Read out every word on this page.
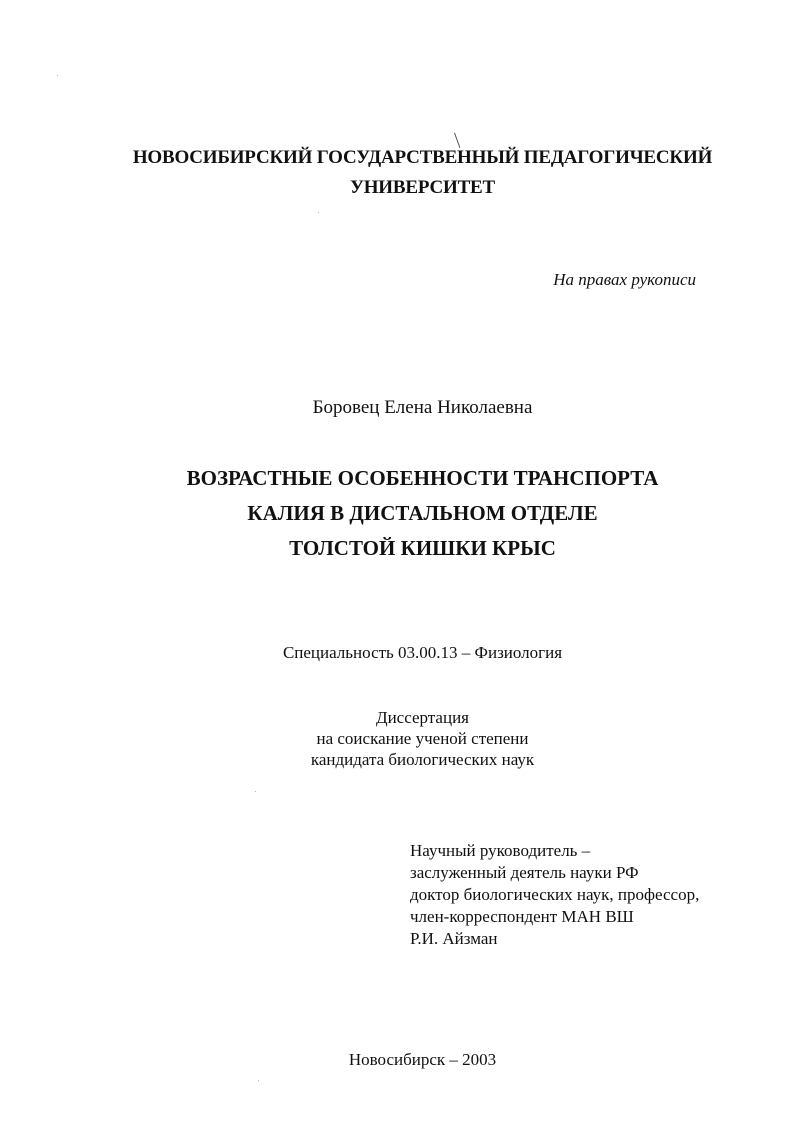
НОВОСИБИРСКИЙ ГОСУДАРСТВЕННЫЙ ПЕДАГОГИЧЕСКИЙ
УНИВЕРСИТЕТ
На правах рукописи
Боровец Елена Николаевна
ВОЗРАСТНЫЕ ОСОБЕННОСТИ ТРАНСПОРТА
КАЛИЯ В ДИСТАЛЬНОМ ОТДЕЛЕ
ТОЛСТОЙ КИШКИ КРЫС
Специальность 03.00.13 – Физиология
Диссертация
на соискание ученой степени
кандидата биологических наук
Научный руководитель –
заслуженный деятель науки РФ
доктор биологических наук, профессор,
член-корреспондент МАН ВШ
Р.И. Айзман
Новосибирск – 2003
